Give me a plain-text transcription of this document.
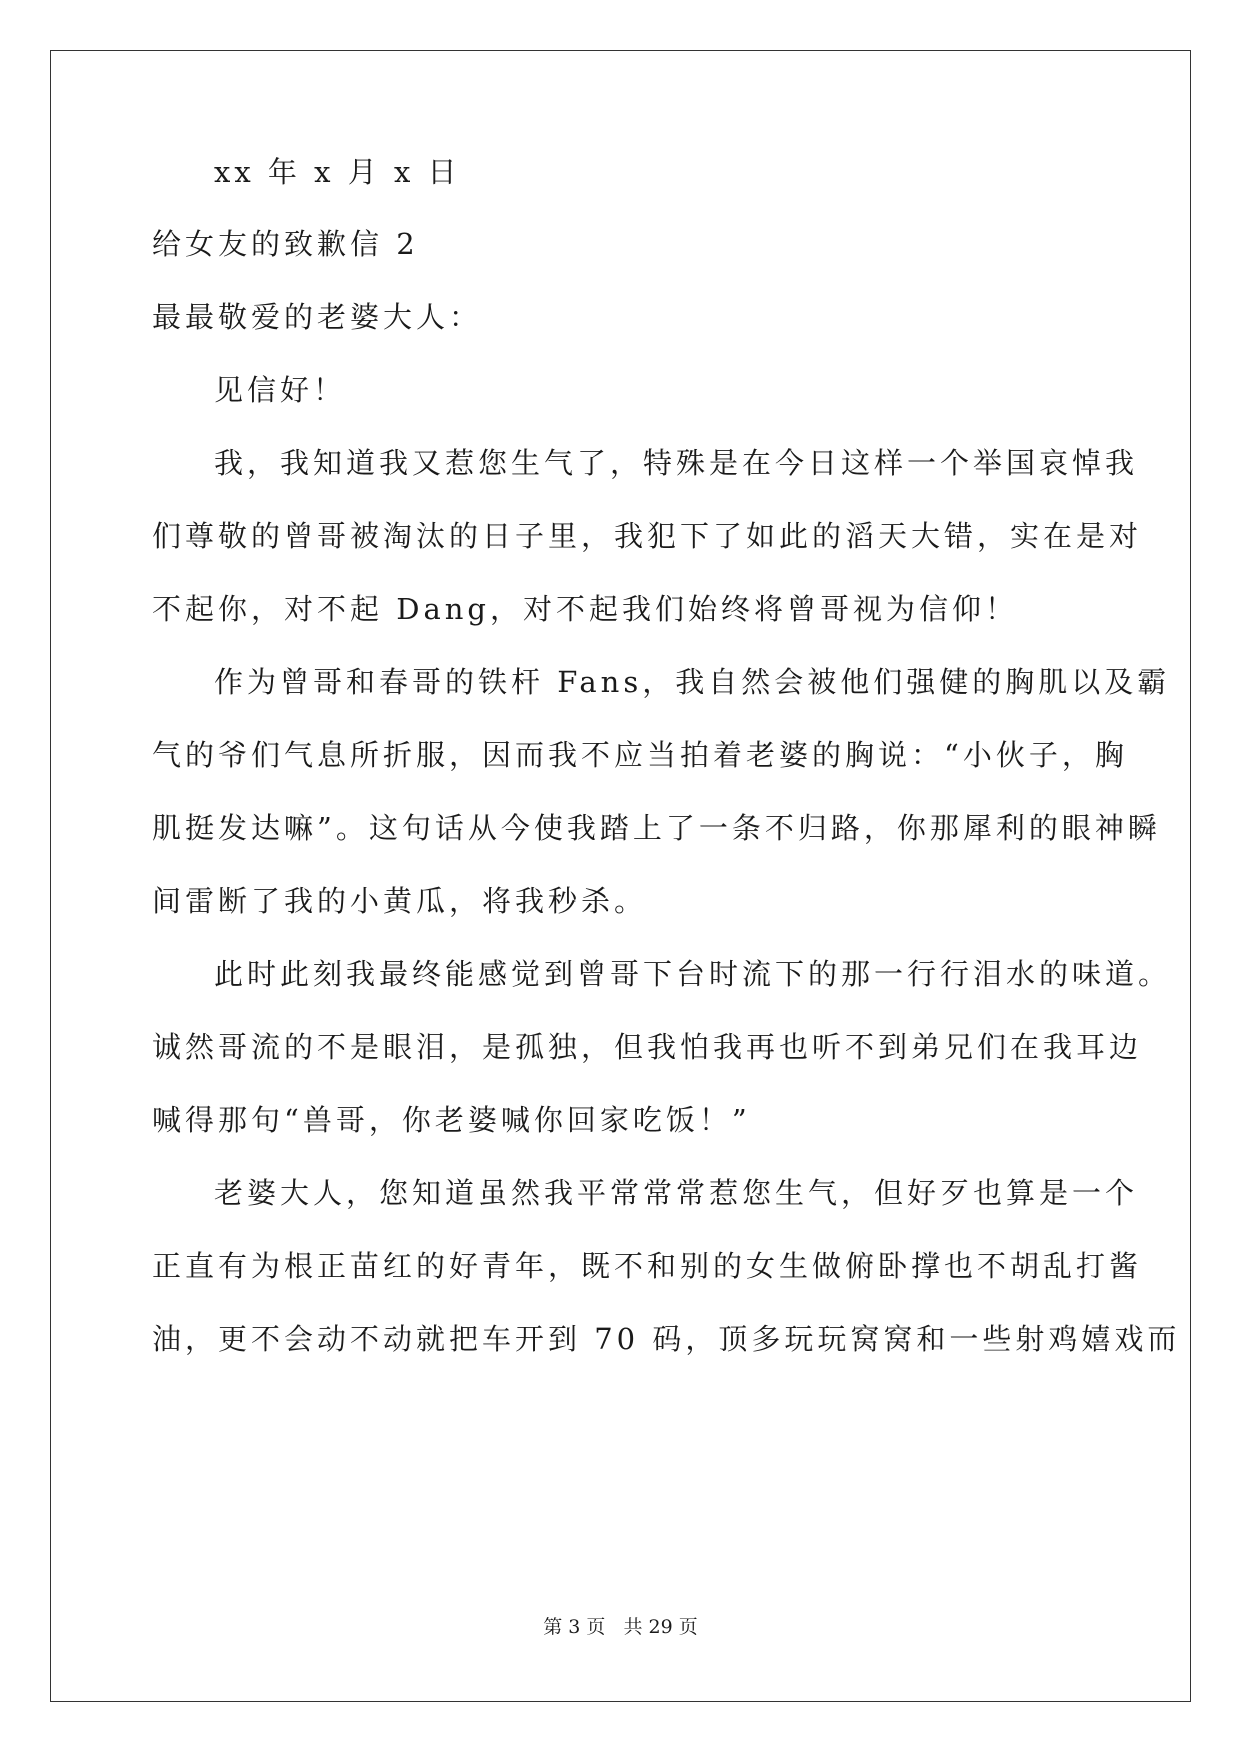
xx 年 x 月 x 日
给女友的致歉信 2
最最敬爱的老婆大人：
见信好！
我，我知道我又惹您生气了，特殊是在今日这样一个举国哀悼我
们尊敬的曾哥被淘汰的日子里，我犯下了如此的滔天大错，实在是对
不起你，对不起 Dang，对不起我们始终将曾哥视为信仰！
作为曾哥和春哥的铁杆 Fans，我自然会被他们强健的胸肌以及霸
气的爷们气息所折服，因而我不应当拍着老婆的胸说：“小伙子，胸
肌挺发达嘛”。这句话从今使我踏上了一条不归路，你那犀利的眼神瞬
间雷断了我的小黄瓜，将我秒杀。
此时此刻我最终能感觉到曾哥下台时流下的那一行行泪水的味道。
诚然哥流的不是眼泪，是孤独，但我怕我再也听不到弟兄们在我耳边
喊得那句“兽哥，你老婆喊你回家吃饭！”
老婆大人，您知道虽然我平常常常惹您生气，但好歹也算是一个
正直有为根正苗红的好青年，既不和别的女生做俯卧撑也不胡乱打酱
油，更不会动不动就把车开到 70 码，顶多玩玩窝窝和一些射鸡嬉戏而
第 3 页 共 29 页
